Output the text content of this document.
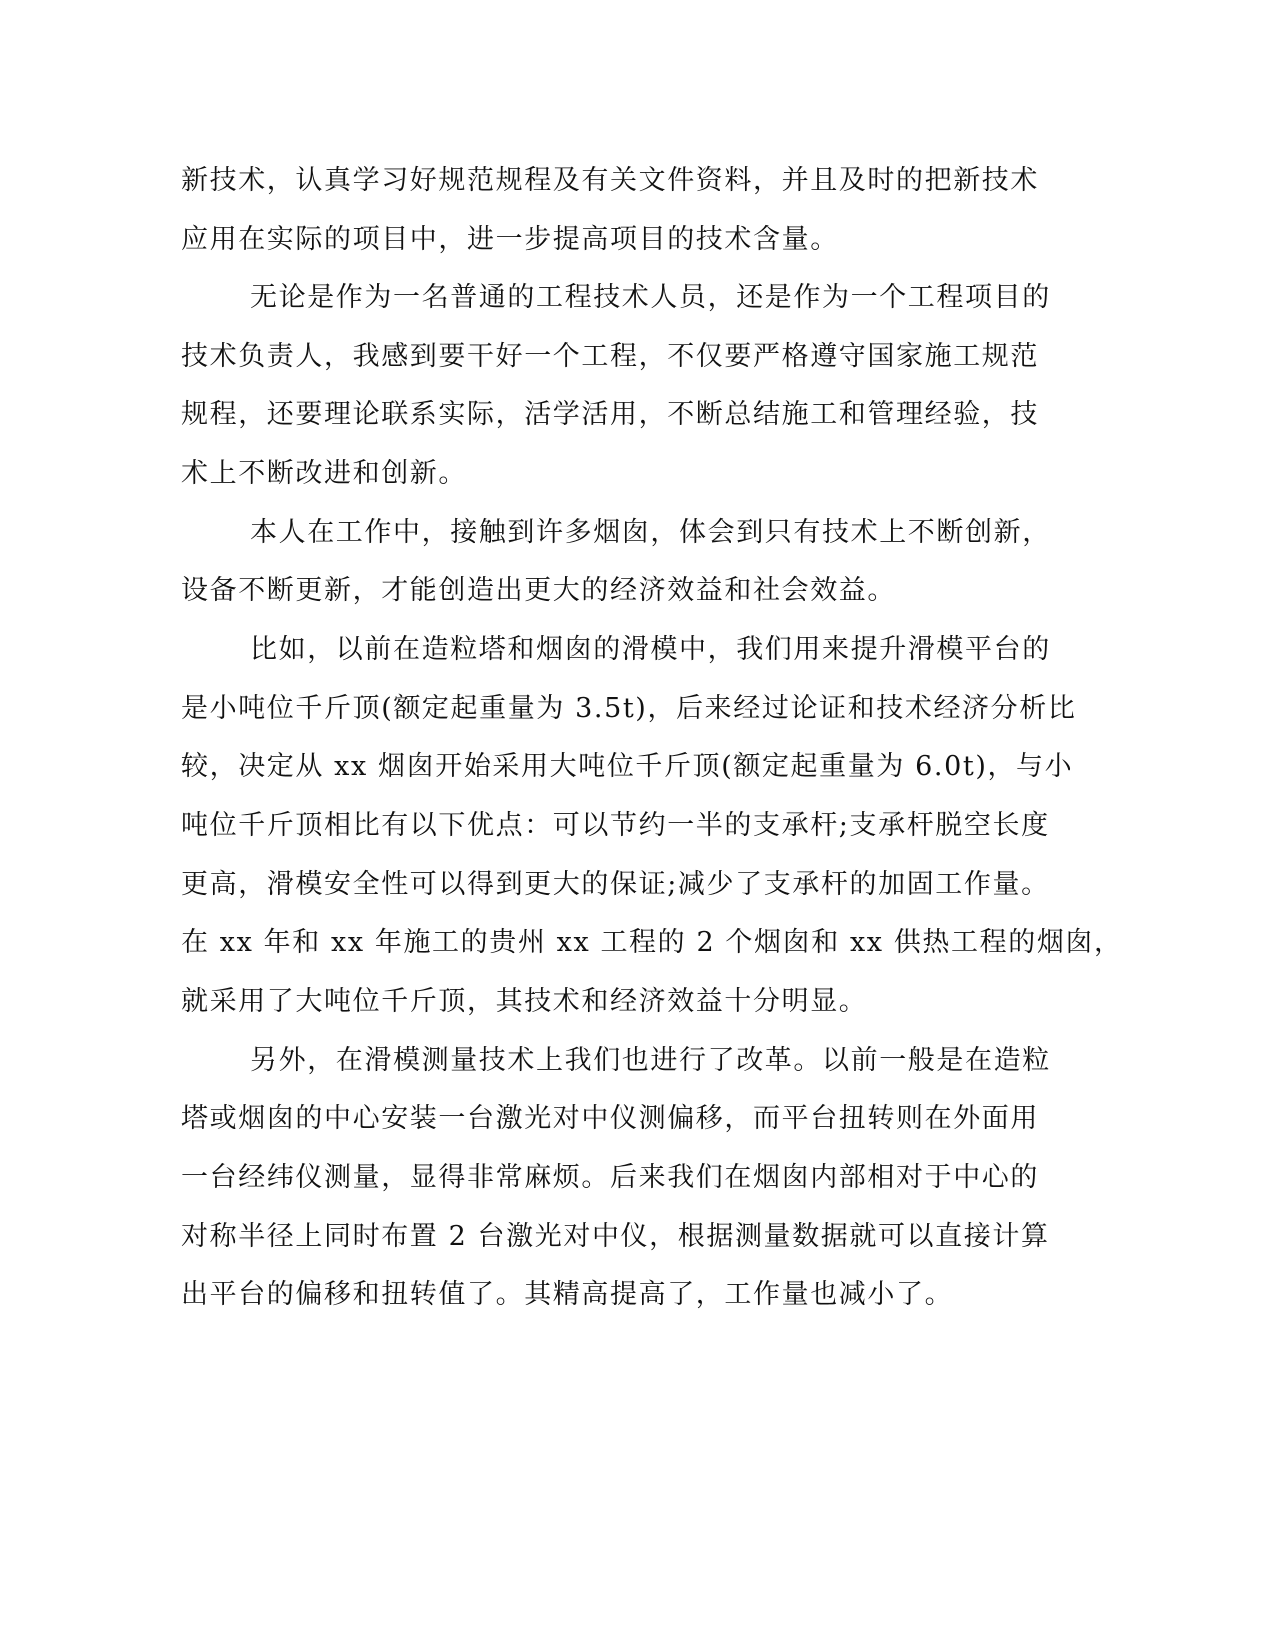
新技术，认真学习好规范规程及有关文件资料，并且及时的把新技术
应用在实际的项目中，进一步提高项目的技术含量。
无论是作为一名普通的工程技术人员，还是作为一个工程项目的
技术负责人，我感到要干好一个工程，不仅要严格遵守国家施工规范
规程，还要理论联系实际，活学活用，不断总结施工和管理经验，技
术上不断改进和创新。
本人在工作中，接触到许多烟囱，体会到只有技术上不断创新，
设备不断更新，才能创造出更大的经济效益和社会效益。
比如，以前在造粒塔和烟囱的滑模中，我们用来提升滑模平台的
是小吨位千斤顶(额定起重量为 3.5t)，后来经过论证和技术经济分析比
较，决定从 xx 烟囱开始采用大吨位千斤顶(额定起重量为 6.0t)，与小
吨位千斤顶相比有以下优点：可以节约一半的支承杆;支承杆脱空长度
更高，滑模安全性可以得到更大的保证;减少了支承杆的加固工作量。
在 xx 年和 xx 年施工的贵州 xx 工程的 2 个烟囱和 xx 供热工程的烟囱，
就采用了大吨位千斤顶，其技术和经济效益十分明显。
另外，在滑模测量技术上我们也进行了改革。以前一般是在造粒
塔或烟囱的中心安装一台激光对中仪测偏移，而平台扭转则在外面用
一台经纬仪测量，显得非常麻烦。后来我们在烟囱内部相对于中心的
对称半径上同时布置 2 台激光对中仪，根据测量数据就可以直接计算
出平台的偏移和扭转值了。其精高提高了，工作量也减小了。
